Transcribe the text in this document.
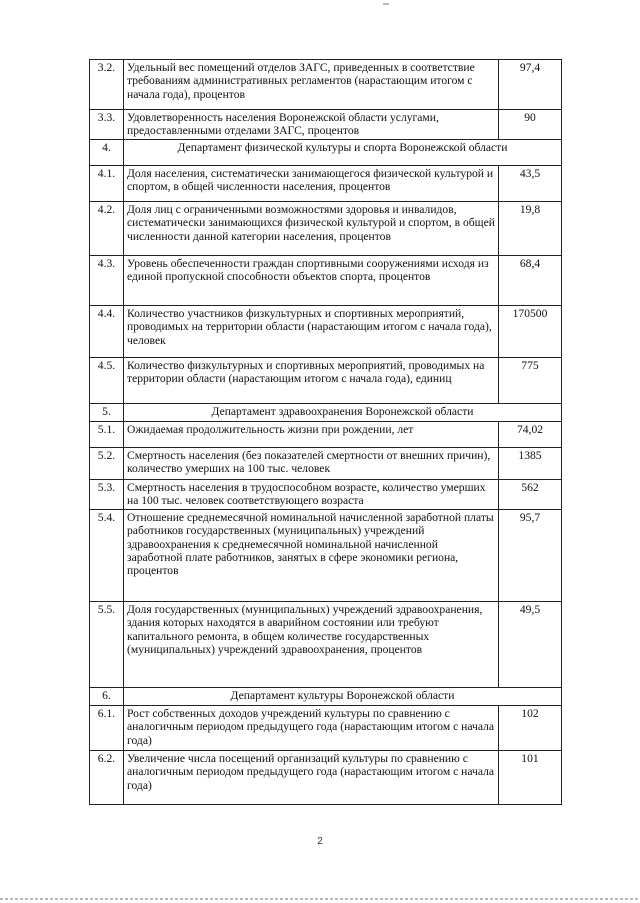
3.2.	Удельный вес помещений отделов ЗАГС, приведенных в соответствие требованиям административных регламентов (нарастающим итогом с начала года), процентов	97,4
3.3.	Удовлетворенность населения Воронежской области услугами, предоставленными отделами ЗАГС, процентов	90
4.	Департамент физической культуры и спорта Воронежской области	
4.1.	Доля населения, систематически занимающегося физической культурой и спортом, в общей численности населения, процентов	43,5
4.2.	Доля лиц с ограниченными возможностями здоровья и инвалидов, систематически занимающихся физической культурой и спортом, в общей численности данной категории населения, процентов	19,8
4.3.	Уровень обеспеченности граждан спортивными сооружениями исходя из единой пропускной способности объектов спорта, процентов	68,4
4.4.	Количество участников физкультурных и спортивных мероприятий, проводимых на территории области (нарастающим итогом с начала года), человек	170500
4.5.	Количество физкультурных и спортивных мероприятий, проводимых на территории области (нарастающим итогом с начала года), единиц	775
5.	Департамент здравоохранения Воронежской области	
5.1.	Ожидаемая продолжительность жизни при рождении, лет	74,02
5.2.	Смертность населения (без показателей смертности от внешних причин), количество умерших на 100 тыс. человек	1385
5.3.	Смертность населения в трудоспособном возрасте, количество умерших на 100 тыс. человек соответствующего возраста	562
5.4.	Отношение среднемесячной номинальной начисленной заработной платы работников государственных (муниципальных) учреждений здравоохранения к среднемесячной номинальной начисленной заработной плате работников, занятых в сфере экономики региона, процентов	95,7
5.5.	Доля государственных (муниципальных) учреждений здравоохранения, здания которых находятся в аварийном состоянии или требуют капитального ремонта, в общем количестве государственных (муниципальных) учреждений здравоохранения, процентов	49,5
6.	Департамент культуры Воронежской области	
6.1.	Рост собственных доходов учреждений культуры по сравнению с аналогичным периодом предыдущего года (нарастающим итогом с начала года)	102
6.2.	Увеличение числа посещений организаций культуры по сравнению с аналогичным периодом предыдущего года (нарастающим итогом с начала года)	101
2
